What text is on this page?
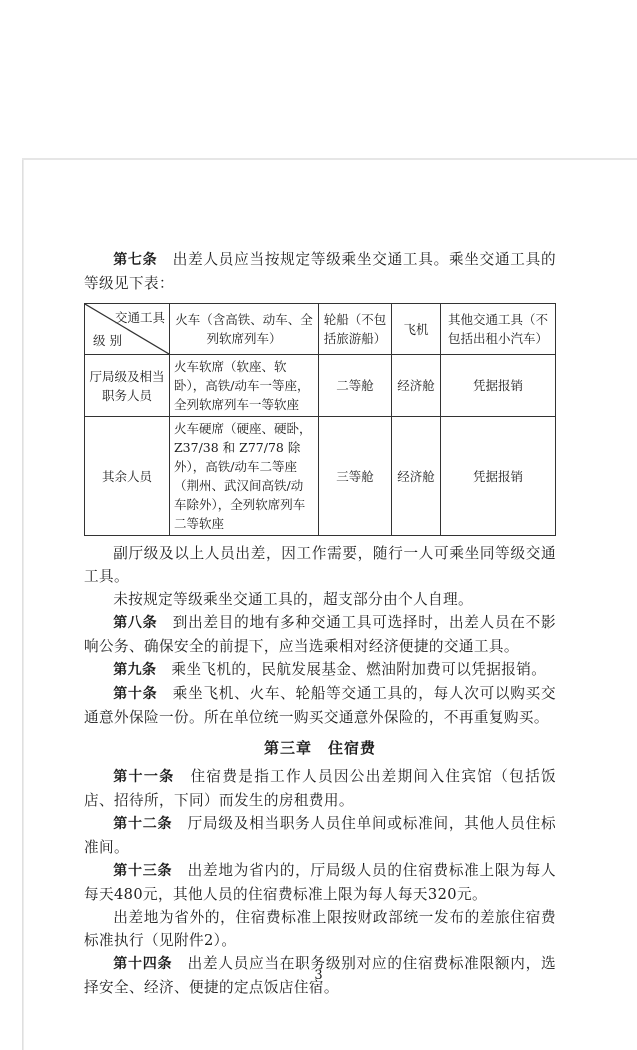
第七条　 出差人员应当按规定等级乘坐交通工具。乘坐交通工具的等级见下表：

交通工具
级 别	火车（含高铁、动车、全列软席列车）	轮船（不包括旅游船）	飞机	其他交通工具（不包括出租小汽车）
厅局级及相当职务人员	火车软席（软座、软卧），高铁/动车一等座，全列软席列车一等软座	二等舱	经济舱	凭据报销
其余人员	火车硬席（硬座、硬卧，Z37/38 和 Z77/78 除外），高铁/动车二等座（荆州、武汉间高铁/动车除外），全列软席列车二等软座	三等舱	经济舱	凭据报销

副厅级及以上人员出差，因工作需要，随行一人可乘坐同等级交通工具。

未按规定等级乘坐交通工具的，超支部分由个人自理。

第八条　 到出差目的地有多种交通工具可选择时，出差人员在不影响公务、确保安全的前提下，应当选乘相对经济便捷的交通工具。

第九条　 乘坐飞机的，民航发展基金、燃油附加费可以凭据报销。

第十条　 乘坐飞机、火车、轮船等交通工具的，每人次可以购买交通意外保险一份。所在单位统一购买交通意外保险的，不再重复购买。

第三章　住宿费

第十一条　 住宿费是指工作人员因公出差期间入住宾馆（包括饭店、招待所，下同）而发生的房租费用。

第十二条　 厅局级及相当职务人员住单间或标准间，其他人员住标准间。

第十三条　 出差地为省内的，厅局级人员的住宿费标准上限为每人每天480元，其他人员的住宿费标准上限为每人每天320元。

出差地为省外的，住宿费标准上限按财政部统一发布的差旅住宿费标准执行（见附件2）。

第十四条　 出差人员应当在职务级别对应的住宿费标准限额内，选择安全、经济、便捷的定点饭店住宿。

3
